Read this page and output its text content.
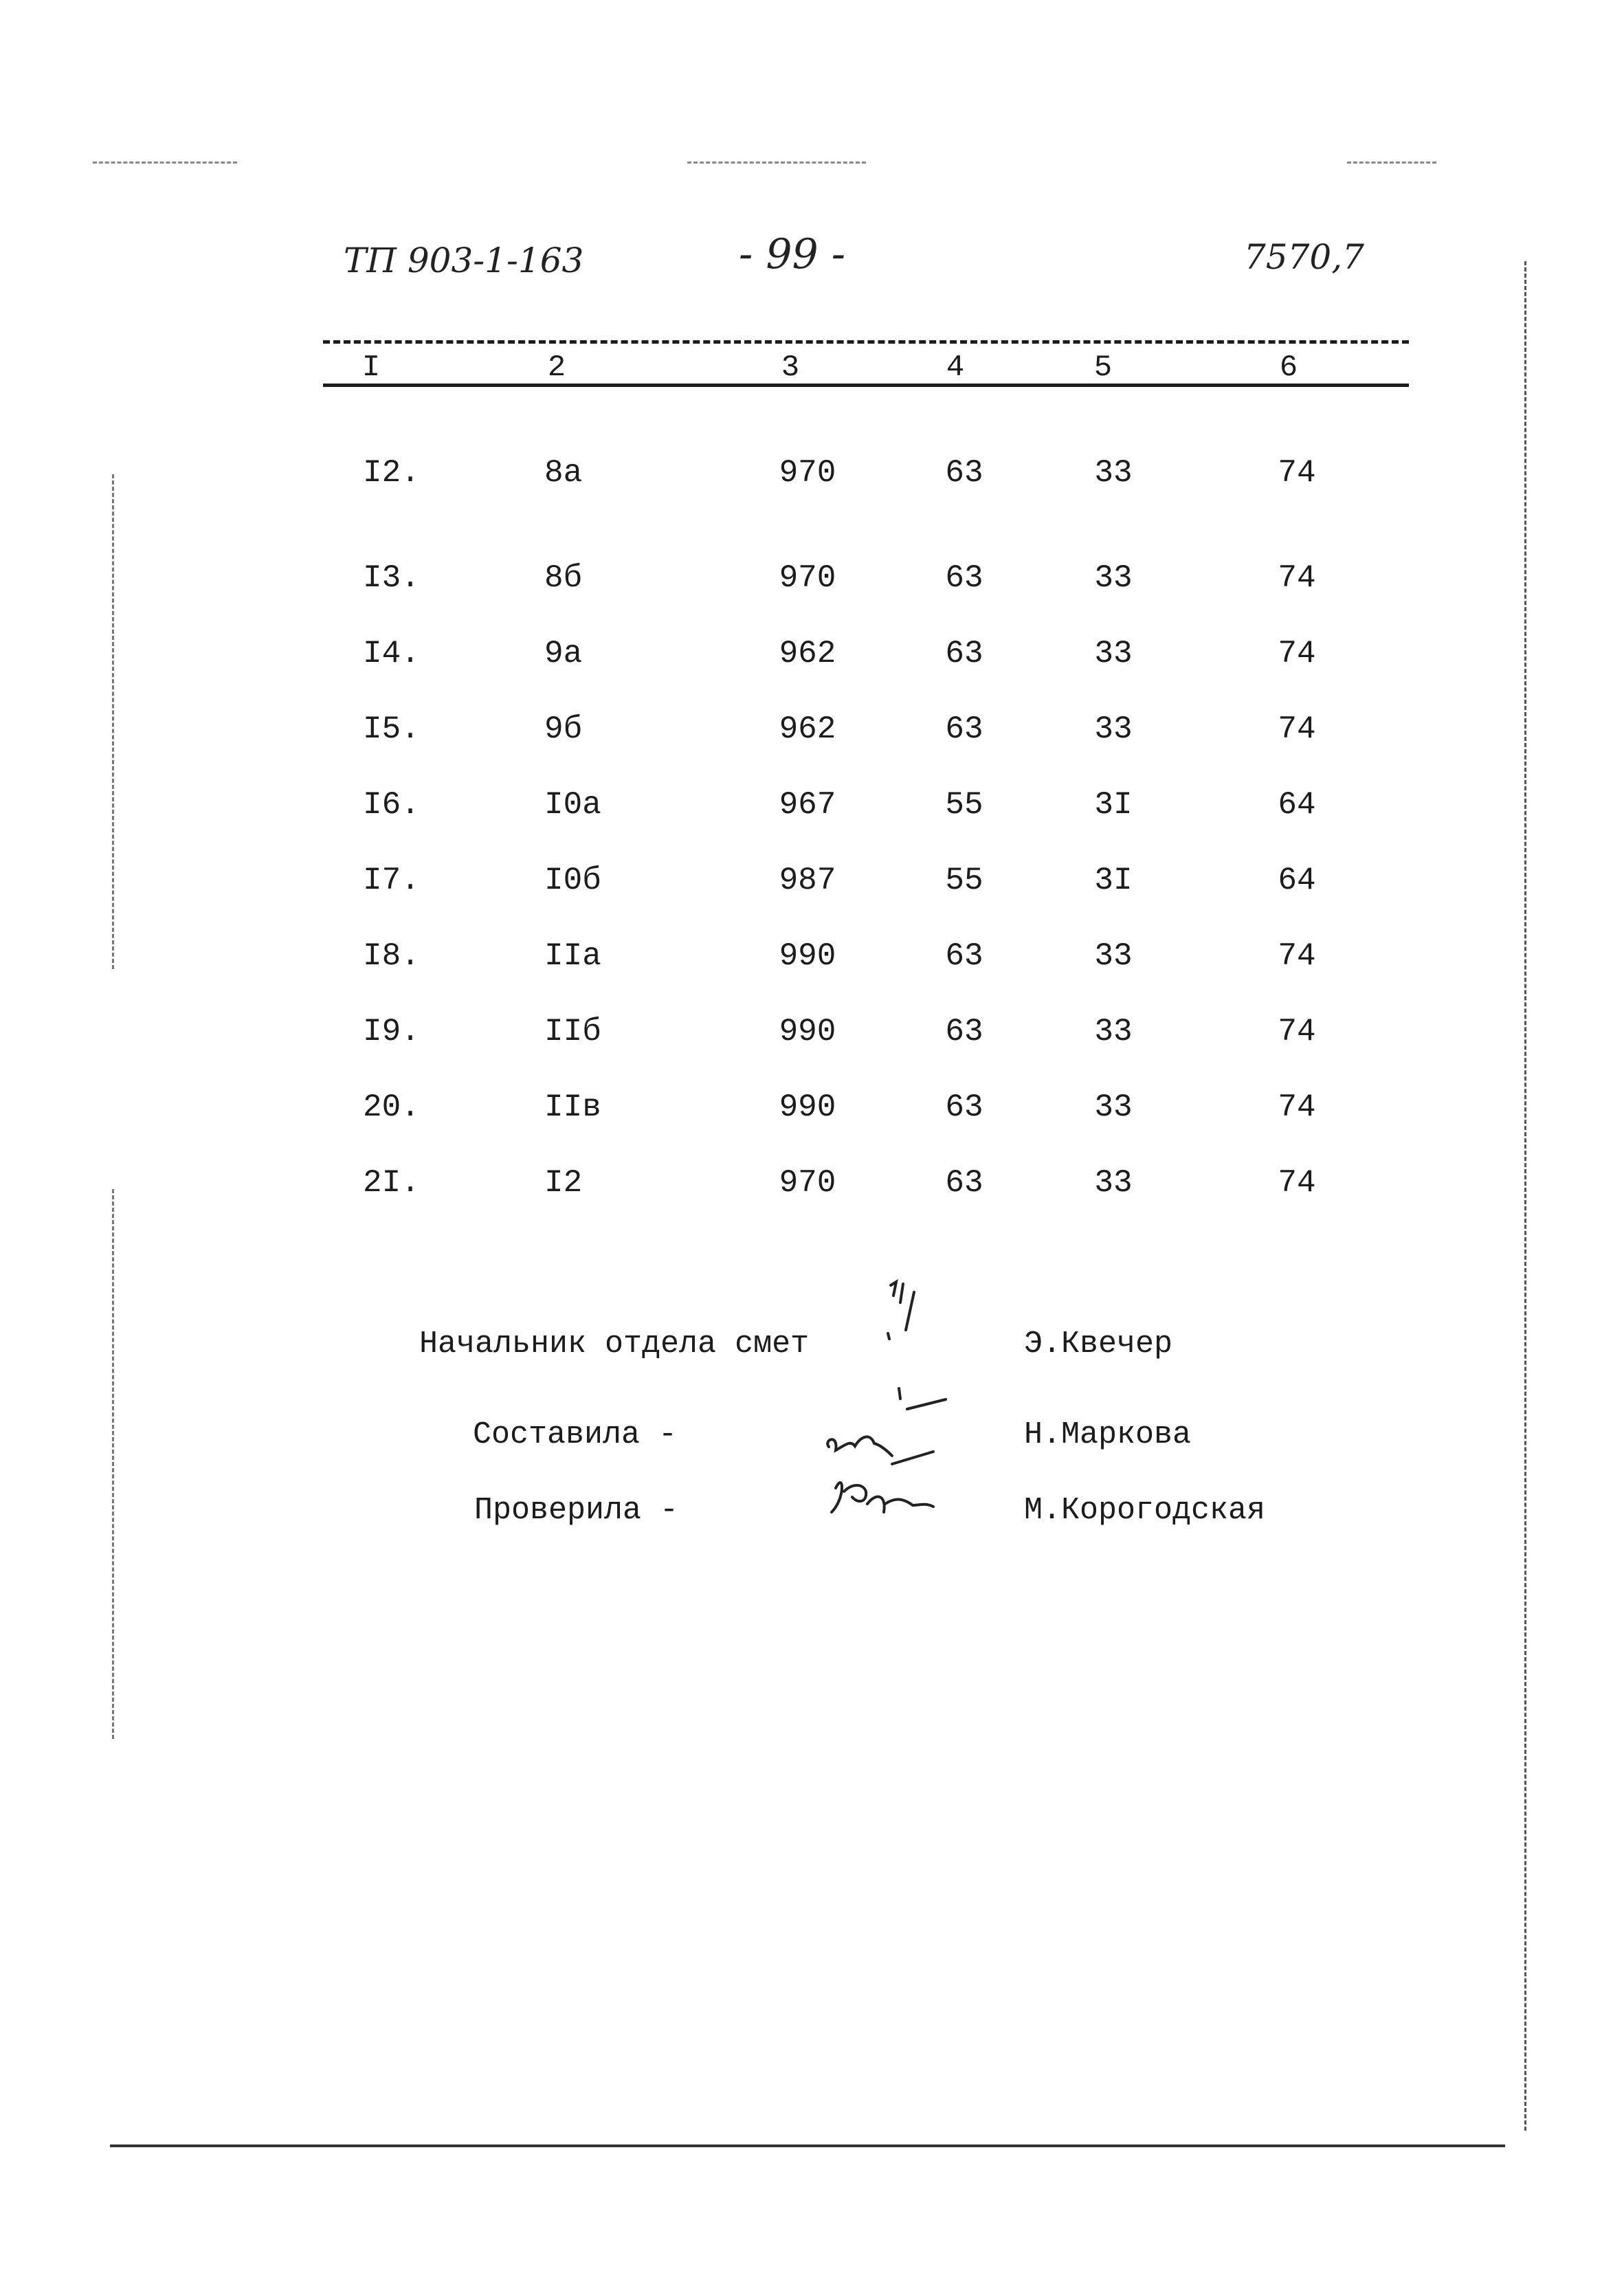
ТП 903-1-163	- 99 -	7570,7
I	2	3	4	5	6
I2.	8а	970	63	33	74
I3.	8б	970	63	33	74
I4.	9а	962	63	33	74
I5.	9б	962	63	33	74
I6.	I0а	967	55	3I	64
I7.	I0б	987	55	3I	64
I8.	IIа	990	63	33	74
I9.	IIб	990	63	33	74
20.	IIв	990	63	33	74
2I.	I2	970	63	33	74
Начальник отдела смет	Э.Квечер
Составила -	Н.Маркова
Проверила -	М.Корогодская
